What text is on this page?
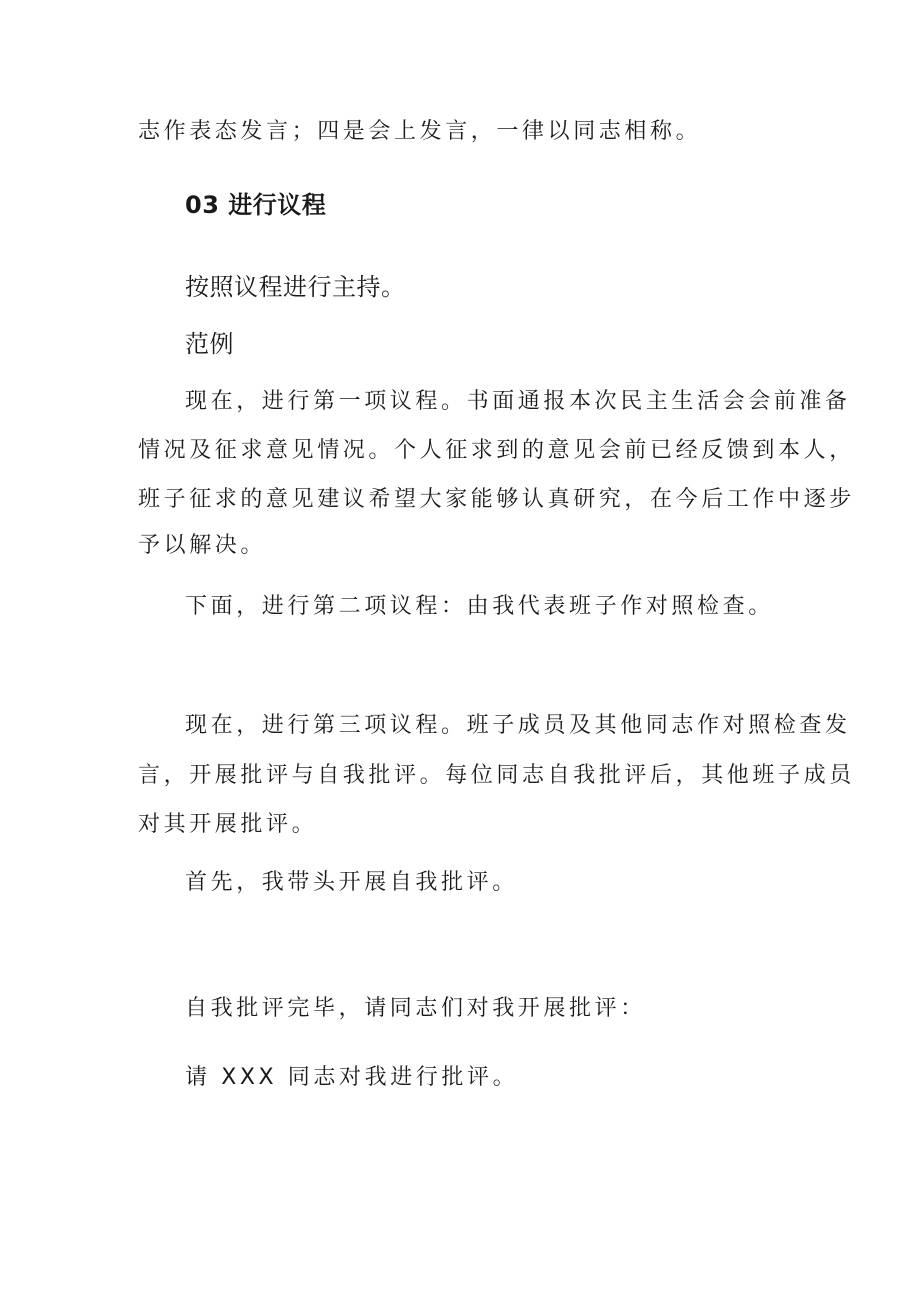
志作表态发言；四是会上发言，一律以同志相称。
03 进行议程
按照议程进行主持。
范例
现在，进行第一项议程。书面通报本次民主生活会会前准备
情况及征求意见情况。个人征求到的意见会前已经反馈到本人，
班子征求的意见建议希望大家能够认真研究，在今后工作中逐步
予以解决。
下面，进行第二项议程：由我代表班子作对照检查。
现在，进行第三项议程。班子成员及其他同志作对照检查发
言，开展批评与自我批评。每位同志自我批评后，其他班子成员
对其开展批评。
首先，我带头开展自我批评。
自我批评完毕，请同志们对我开展批评：
请 XXX 同志对我进行批评。
